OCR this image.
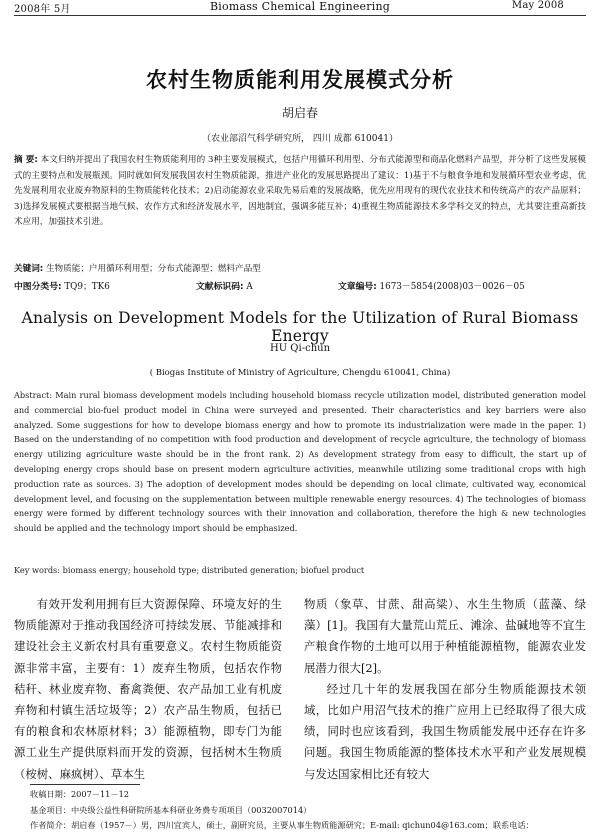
2008年 5月	Biomass Chemical Engineering	May 2008
农村生物质能利用发展模式分析
胡启春
（农业部沼气科学研究所， 四川 成都 610041）
摘 要: 本文归纳并提出了我国农村生物质能利用的 3种主要发展模式，包括户用循环利用型、分布式能源型和商品化燃料产品型，并分析了这些发展模式的主要特点和发展瓶颈。同时就如何发展我国农村生物质能源，推进产业化的发展思路提出了建议：1)基于不与粮食争地和发展循环型农业考虑，优先发展利用农业废弃物原料的生物质能转化技术；2)启动能源农业采取先易后难的发展战略，优先应用现有的现代农业技术和传统高产的农产品原料；3)选择发展模式要根据当地气候、农作方式和经济发展水平，因地制宜，强调多能互补；4)重视生物质能源技术多学科交叉的特点，尤其要注重高新技术应用，加强技术引进。
关键词: 生物质能；户用循环利用型；分布式能源型；燃料产品型
中图分类号: TQ9；TK6	文献标识码: A	文章编号: 1673－5854(2008)03－0026－05
Analysis on Development Models for the Utilization of Rural Biomass Energy
HU Qi-chun
( Biogas Institute of Ministry of Agriculture, Chengdu 610041, China)
Abstract: Main rural biomass development models including household biomass recycle utilization model, distributed generation model and commercial bio-fuel product model in China were surveyed and presented. Their characteristics and key barriers were also analyzed. Some suggestions for how to develope biomass energy and how to promote its industrialization were made in the paper. 1) Based on the understanding of no competition with food production and development of recycle agriculture, the technology of biomass energy utilizing agriculture waste should be in the front rank. 2) As development strategy from easy to difficult, the start up of developing energy crops should base on present modern agriculture activities, meanwhile utilizing some traditional crops with high production rate as sources. 3) The adoption of development modes should be depending on local climate, cultivated way, economical development level, and focusing on the supplementation between multiple renewable energy resources. 4) The technologies of biomass energy were formed by different technology sources with their innovation and collaboration, therefore the high & new technologies should be applied and the technology import should be emphasized.
Key words: biomass energy; household type; distributed generation; biofuel product
有效开发利用拥有巨大资源保障、环境友好的生物质能源对于推动我国经济可持续发展、节能减排和建设社会主义新农村具有重要意义。农村生物质能资源非常丰富，主要有：1）废弃生物质，包括农作物秸秆、林业废弃物、畜禽粪便、农产品加工业有机废弃物和村镇生活垃圾等；2）农产品生物质，包括已有的粮食和农林原材料；3）能源植物，即专门为能源工业生产提供原料而开发的资源，包括树木生物质（桉树、麻疯树）、草本生
物质（象草、甘蔗、甜高粱）、水生生物质（蓝藻、绿藻）[1]。我国有大量荒山荒丘、滩涂、盐碱地等不宜生产粮食作物的土地可以用于种植能源植物，能源农业发展潜力很大[2]。
经过几十年的发展我国在部分生物质能源技术领域，比如户用沼气技术的推广应用上已经取得了很大成绩，同时也应该看到，我国生物质能发展中还存在许多问题。我国生物质能源的整体技术水平和产业发展规模与发达国家相比还有较大
收稿日期：2007－11－12
基金项目：中央级公益性科研院所基本科研业务费专项项目（0032007014）
作者简介：胡启春（1957－）男，四川宜宾人，硕士，副研究员，主要从事生物质能源研究；E-mail: qichun04@163.com；联系电话：
